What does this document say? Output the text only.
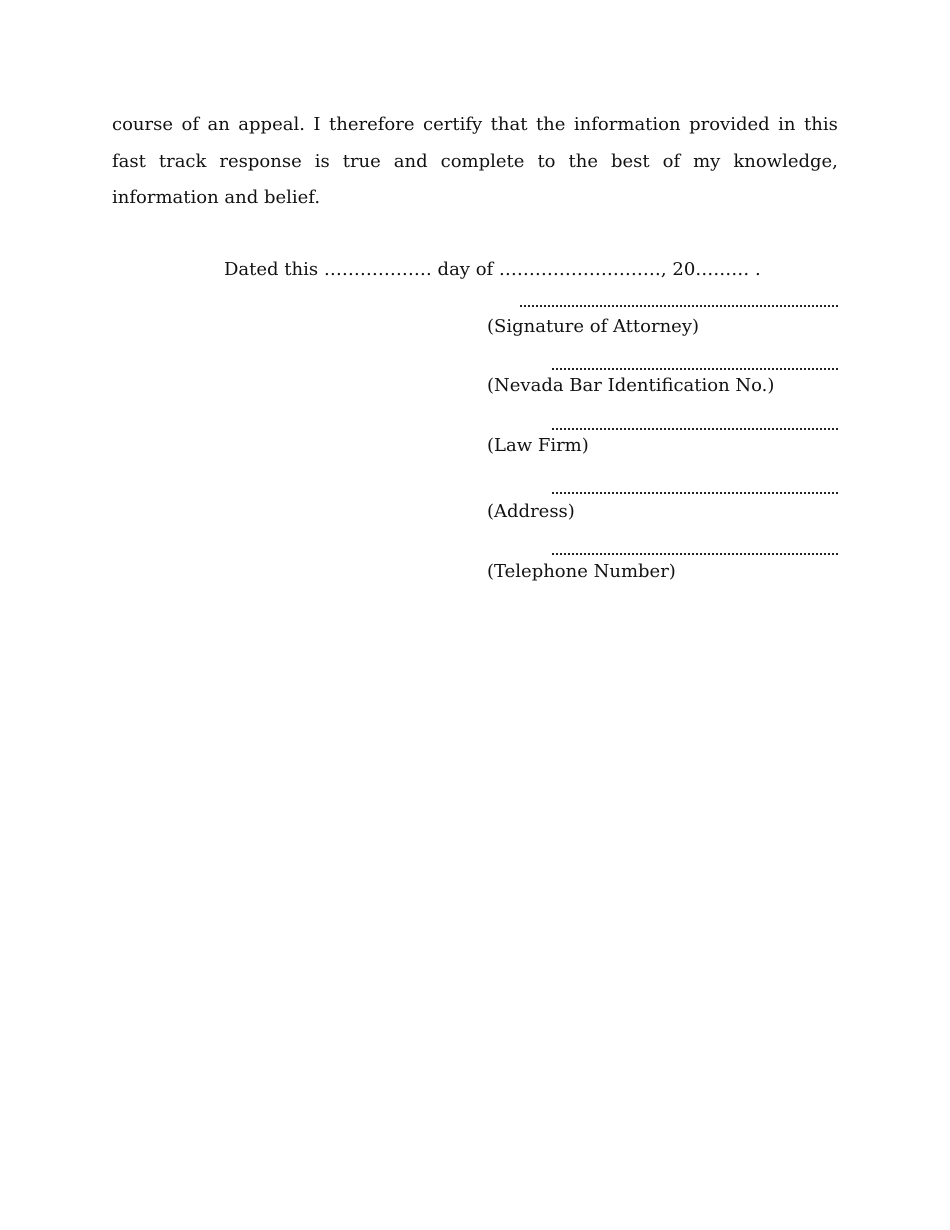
course of an appeal. I therefore certify that the information provided in this
fast track response is true and complete to the best of my knowledge,
information and belief.
Dated this ……………… day of ………………………, 20……… .
(Signature of Attorney)
(Nevada Bar Identification No.)
(Law Firm)
(Address)
(Telephone Number)
